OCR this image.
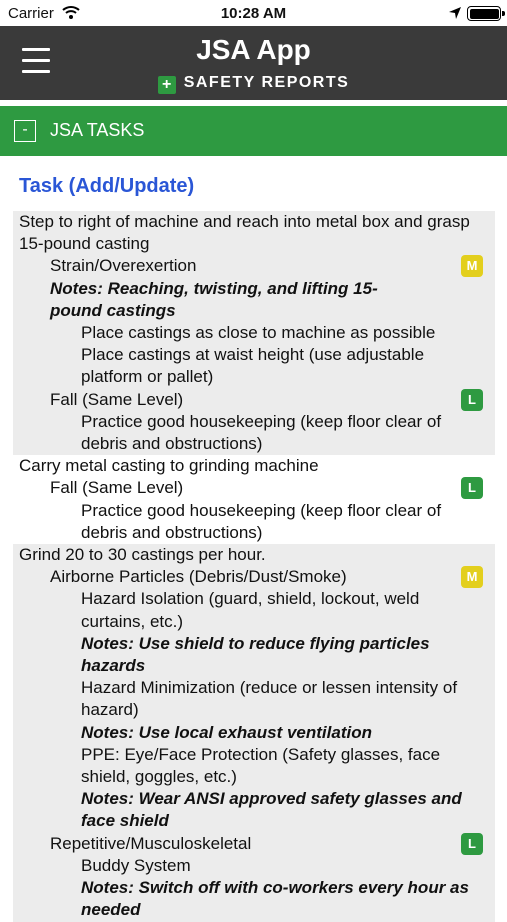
Carrier	10:28 AM
JSA App
+ SAFETY REPORTS
-	JSA TASKS
Task (Add/Update)
Step to right of machine and reach into metal box and grasp 15-pound casting
Strain/Overexertion	M
Notes: Reaching, twisting, and lifting 15-pound castings
Place castings as close to machine as possible
Place castings at waist height (use adjustable platform or pallet)
Fall (Same Level)	L
Practice good housekeeping (keep floor clear of debris and obstructions)
Carry metal casting to grinding machine
Fall (Same Level)	L
Practice good housekeeping (keep floor clear of debris and obstructions)
Grind 20 to 30 castings per hour.
Airborne Particles (Debris/Dust/Smoke)	M
Hazard Isolation (guard, shield, lockout, weld curtains, etc.)
Notes: Use shield to reduce flying particles hazards
Hazard Minimization (reduce or lessen intensity of hazard)
Notes: Use local exhaust ventilation
PPE: Eye/Face Protection (Safety glasses, face shield, goggles, etc.)
Notes: Wear ANSI approved safety glasses and face shield
Repetitive/Musculoskeletal	L
Buddy System
Notes: Switch off with co-workers every hour as needed
